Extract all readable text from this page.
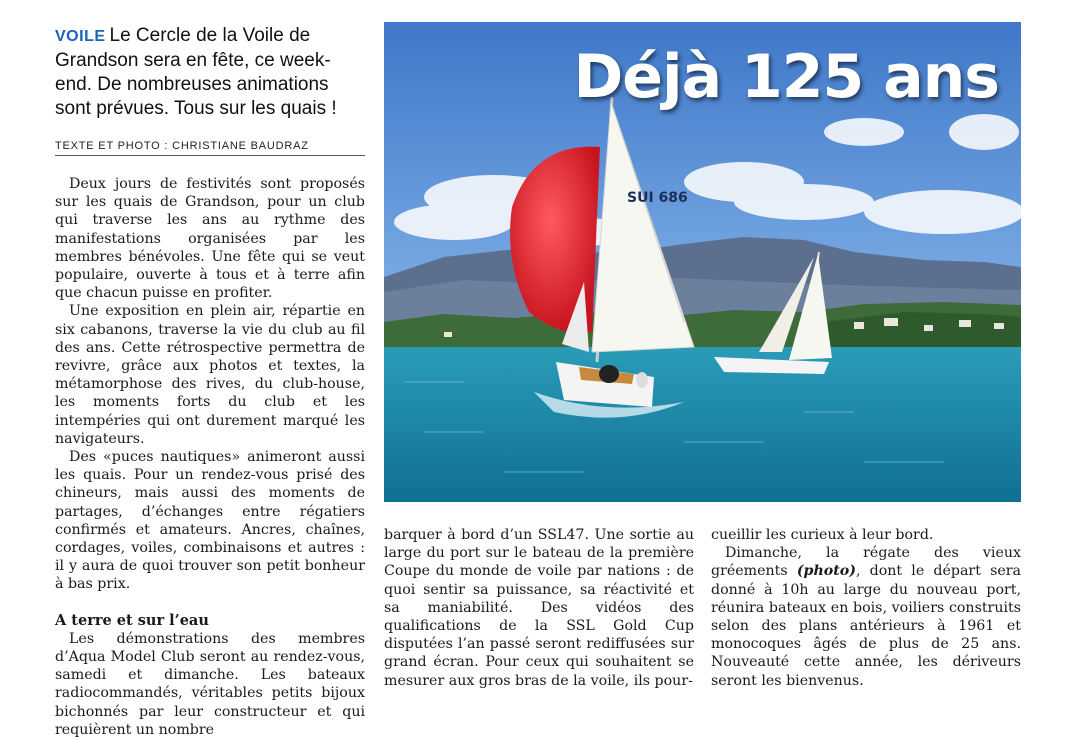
VOILE Le Cercle de la Voile de Grandson sera en fête, ce week-end. De nombreuses animations sont prévues. Tous sur les quais !
TEXTE ET PHOTO : CHRISTIANE BAUDRAZ

Deux jours de festivités sont proposés sur les quais de Grandson, pour un club qui traverse les ans au rythme des manifestations organisées par les membres bénévoles. Une fête qui se veut populaire, ouverte à tous et à terre afin que chacun puisse en profiter.

Une exposition en plein air, répartie en six cabanons, traverse la vie du club au fil des ans. Cette rétrospective permettra de revivre, grâce aux photos et textes, la métamorphose des rives, du club-house, les moments forts du club et les intempéries qui ont durement marqué les navigateurs.

Des «puces nautiques» animeront aussi les quais. Pour un rendez-vous prisé des chineurs, mais aussi des moments de partages, d’échanges entre régatiers confirmés et amateurs. Ancres, chaînes, cordages, voiles, combinaisons et autres : il y aura de quoi trouver son petit bonheur à bas prix.

A terre et sur l’eau

Les démonstrations des membres d’Aqua Model Club seront au rendez-vous, samedi et dimanche. Les bateaux radiocommandés, véritables petits bijoux bichonnés par leur constructeur et qui requièrent un nombre

SUI 686
Déjà 125 ans

barquer à bord d’un SSL47. Une sortie au large du port sur le bateau de la première Coupe du monde de voile par nations : de quoi sentir sa puissance, sa réactivité et sa maniabilité. Des vidéos des qualifications de la SSL Gold Cup disputées l’an passé seront rediffusées sur grand écran. Pour ceux qui souhaitent se mesurer aux gros bras de la voile, ils pour-

cueillir les curieux à leur bord.

Dimanche, la régate des vieux gréements (photo), dont le départ sera donné à 10h au large du nouveau port, réunira bateaux en bois, voiliers construits selon des plans antérieurs à 1961 et monocoques âgés de plus de 25 ans. Nouveauté cette année, les dériveurs seront les bienvenus.
